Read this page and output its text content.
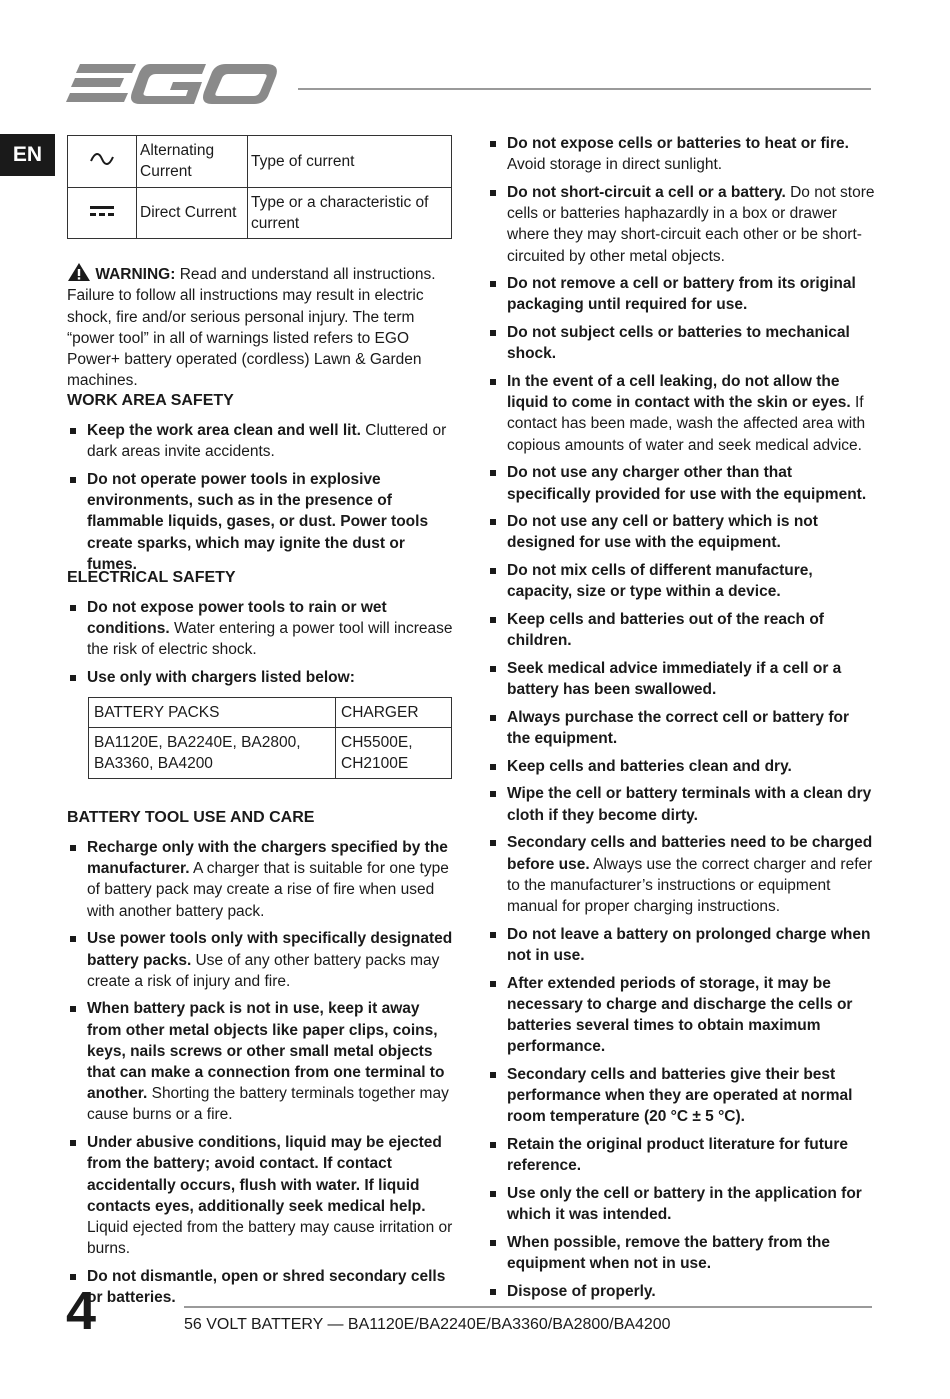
EN
		Alternating Current	Type of current
	Direct Current	Type or a characteristic of current
WARNING: Read and understand all instructions. Failure to follow all instructions may result in electric shock, fire and/or serious personal injury. The term “power tool” in all of warnings listed refers to EGO Power+ battery operated (cordless) Lawn & Garden machines.
WORK AREA SAFETY
Keep the work area clean and well lit. Cluttered or dark areas invite accidents.
Do not operate power tools in explosive environments, such as in the presence of flammable liquids, gases, or dust. Power tools create sparks, which may ignite the dust or fumes.
ELECTRICAL SAFETY
Do not expose power tools to rain or wet conditions. Water entering a power tool will increase the risk of electric shock.
Use only with chargers listed below:
BATTERY PACKS	CHARGER
BA1120E, BA2240E, BA2800, BA3360, BA4200	CH5500E, CH2100E
BATTERY TOOL USE AND CARE
Recharge only with the chargers specified by the manufacturer. A charger that is suitable for one type of battery pack may create a rise of fire when used with another battery pack.
Use power tools only with specifically designated battery packs. Use of any other battery packs may create a risk of injury and fire.
When battery pack is not in use, keep it away from other metal objects like paper clips, coins, keys, nails screws or other small metal objects that can make a connection from one terminal to another. Shorting the battery terminals together may cause burns or a fire.
Under abusive conditions, liquid may be ejected from the battery; avoid contact. If contact accidentally occurs, flush with water. If liquid contacts eyes, additionally seek medical help. Liquid ejected from the battery may cause irritation or burns.
Do not dismantle, open or shred secondary cells or batteries.
Do not expose cells or batteries to heat or fire. Avoid storage in direct sunlight.
Do not short-circuit a cell or a battery. Do not store cells or batteries haphazardly in a box or drawer where they may short-circuit each other or be short-circuited by other metal objects.
Do not remove a cell or battery from its original packaging until required for use.
Do not subject cells or batteries to mechanical shock.
In the event of a cell leaking, do not allow the liquid to come in contact with the skin or eyes. If contact has been made, wash the affected area with copious amounts of water and seek medical advice.
Do not use any charger other than that specifically provided for use with the equipment.
Do not use any cell or battery which is not designed for use with the equipment.
Do not mix cells of different manufacture, capacity, size or type within a device.
Keep cells and batteries out of the reach of children.
Seek medical advice immediately if a cell or a battery has been swallowed.
Always purchase the correct cell or battery for the equipment.
Keep cells and batteries clean and dry.
Wipe the cell or battery terminals with a clean dry cloth if they become dirty.
Secondary cells and batteries need to be charged before use. Always use the correct charger and refer to the manufacturer’s instructions or equipment manual for proper charging instructions.
Do not leave a battery on prolonged charge when not in use.
After extended periods of storage, it may be necessary to charge and discharge the cells or batteries several times to obtain maximum performance.
Secondary cells and batteries give their best performance when they are operated at normal room temperature (20 °C ± 5 °C).
Retain the original product literature for future reference.
Use only the cell or battery in the application for which it was intended.
When possible, remove the battery from the equipment when not in use.
Dispose of properly.
4	56 VOLT BATTERY — BA1120E/BA2240E/BA3360/BA2800/BA4200
